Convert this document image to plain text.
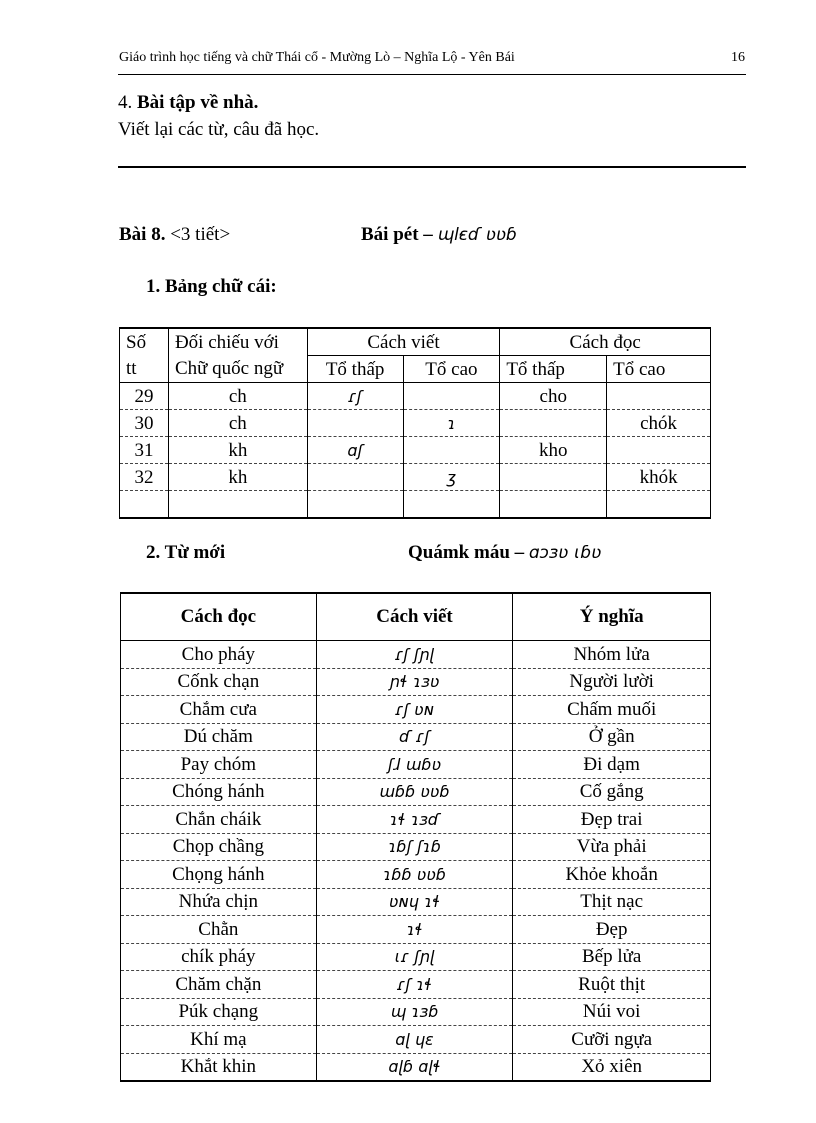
Giáo trình học tiếng và chữ Thái cổ - Mường Lò – Nghĩa Lộ - Yên Bái	16
4. Bài tập về nhà.
Viết lại các từ, câu đã học.
Bài 8. <3 tiết>	Bái pét – ɰŀɛɗ ʋʋɓ
1. Bảng chữ cái:
Số	Đối chiếu với	Cách viết		Cách đọc	
tt	Chữ quốc ngữ	Tổ thấp	Tổ cao	Tổ thấp	Tổ cao
29	ch	ɾʃ		cho	
30	ch		ɿ		chók
31	kh	ɑʃ		kho	
32	kh		ʒ		khók

2. Từ mới	Quámk máu – ɑɔɜʋ ɩɓʋ
Cách đọc	Cách viết	Ý nghĩa
Cho pháy	ɾʃ ʃɲɭ	Nhóm lửa
Cốnk chạn	ɲɬ ɿɜʋ	Người lười
Chắm cưa	ɾʃ ʋɴ	Chấm muối
Dú chăm	ɗ ɾʃ	Ở gần
Pay chóm	ʃɺ ɯɓʋ	Đi dạm
Chóng hánh	ɯɓɓ ʋʋɓ	Cố gắng
Chắn cháik	ɿɬ ɿɜɗ	Đẹp trai
Chọp chầng	ɿɓʃ ʃɿɓ	Vừa phải
Chọng hánh	ɿɓɓ ʋʋɓ	Khỏe khoắn
Nhứa chịn	ʋɴɥ ɿɬ	Thịt nạc
Chằn	ɿɬ	Đẹp
chík pháy	ɩɾ ʃɲɭ	Bếp lửa
Chăm chặn	ɾʃ ɿɬ	Ruột thịt
Púk chạng	ɰ ɿɜɓ	Núi voi
Khí mạ	ɑɭ ɥɛ	Cưỡi ngựa
Khắt khin	ɑɭɓ ɑɭɬ	Xỏ xiên
